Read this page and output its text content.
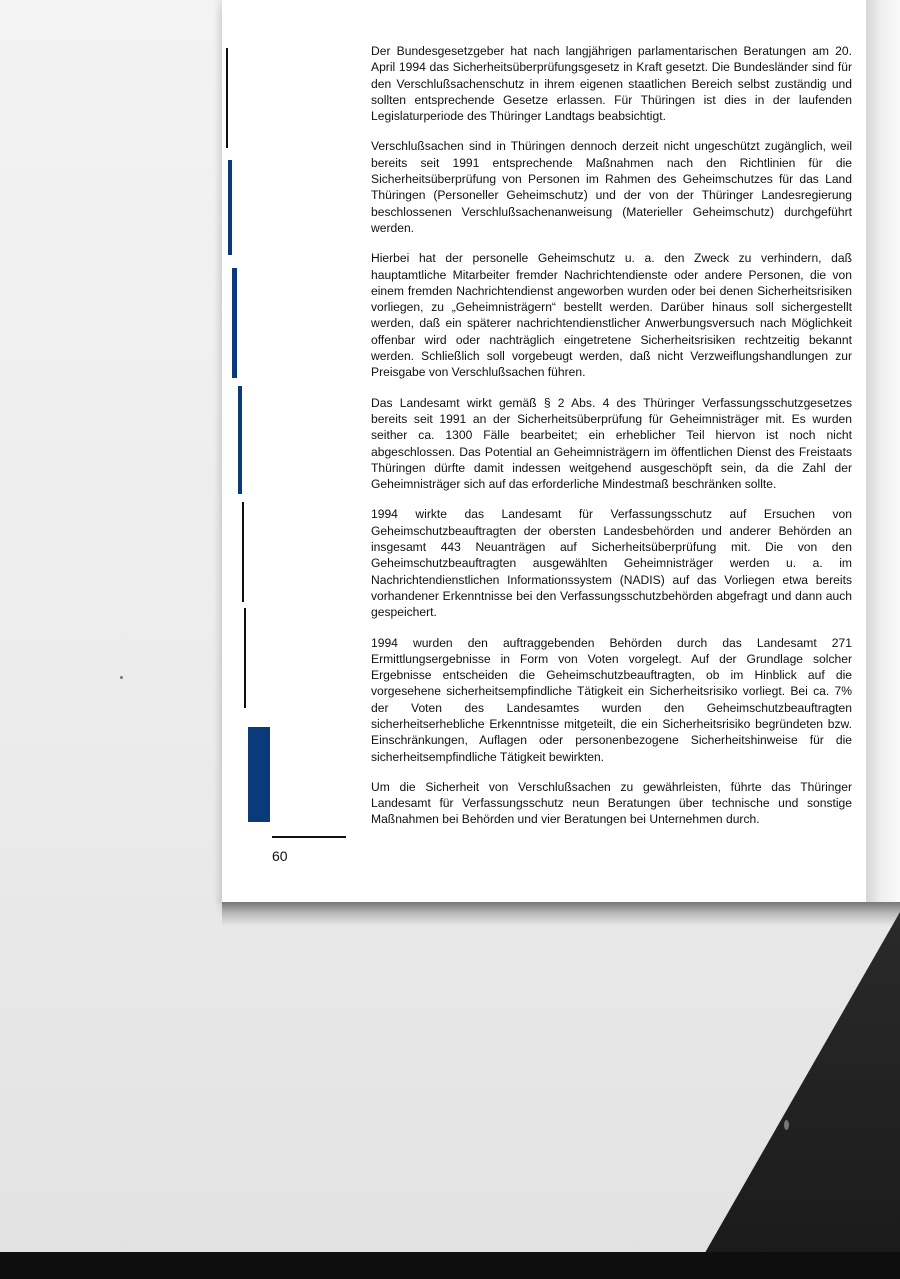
Der Bundesgesetzgeber hat nach langjährigen parlamentarischen Beratungen am 20. April 1994 das Sicherheitsüberprüfungsgesetz in Kraft gesetzt. Die Bundesländer sind für den Verschlußsachenschutz in ihrem eigenen staatlichen Bereich selbst zuständig und sollten entsprechende Gesetze erlassen. Für Thüringen ist dies in der laufenden Legislaturperiode des Thüringer Landtags beabsichtigt.

Verschlußsachen sind in Thüringen dennoch derzeit nicht ungeschützt zugänglich, weil bereits seit 1991 entsprechende Maßnahmen nach den Richtlinien für die Sicherheitsüberprüfung von Personen im Rahmen des Geheimschutzes für das Land Thüringen (Personeller Geheimschutz) und der von der Thüringer Landesregierung beschlossenen Verschlußsachenanweisung (Materieller Geheimschutz) durchgeführt werden.

Hierbei hat der personelle Geheimschutz u. a. den Zweck zu verhindern, daß hauptamtliche Mitarbeiter fremder Nachrichtendienste oder andere Personen, die von einem fremden Nachrichtendienst angeworben wurden oder bei denen Sicherheitsrisiken vorliegen, zu „Geheimnisträgern“ bestellt werden. Darüber hinaus soll sichergestellt werden, daß ein späterer nachrichtendienstlicher Anwerbungsversuch nach Möglichkeit offenbar wird oder nachträglich eingetretene Sicherheitsrisiken rechtzeitig bekannt werden. Schließlich soll vorgebeugt werden, daß nicht Verzweiflungshandlungen zur Preisgabe von Verschlußsachen führen.

Das Landesamt wirkt gemäß § 2 Abs. 4 des Thüringer Verfassungsschutzgesetzes bereits seit 1991 an der Sicherheitsüberprüfung für Geheimnisträger mit. Es wurden seither ca. 1300 Fälle bearbeitet; ein erheblicher Teil hiervon ist noch nicht abgeschlossen. Das Potential an Geheimnisträgern im öffentlichen Dienst des Freistaats Thüringen dürfte damit indessen weitgehend ausgeschöpft sein, da die Zahl der Geheimnisträger sich auf das erforderliche Mindestmaß beschränken sollte.

1994 wirkte das Landesamt für Verfassungsschutz auf Ersuchen von Geheimschutzbeauftragten der obersten Landesbehörden und anderer Behörden an insgesamt 443 Neuanträgen auf Sicherheitsüberprüfung mit. Die von den Geheimschutzbeauftragten ausgewählten Geheimnisträger werden u. a. im Nachrichtendienstlichen Informationssystem (NADIS) auf das Vorliegen etwa bereits vorhandener Erkenntnisse bei den Verfassungsschutzbehörden abgefragt und dann auch gespeichert.

1994 wurden den auftraggebenden Behörden durch das Landesamt 271 Ermittlungsergebnisse in Form von Voten vorgelegt. Auf der Grundlage solcher Ergebnisse entscheiden die Geheimschutzbeauftragten, ob im Hinblick auf die vorgesehene sicherheitsempfindliche Tätigkeit ein Sicherheitsrisiko vorliegt. Bei ca. 7% der Voten des Landesamtes wurden den Geheimschutzbeauftragten sicherheitserhebliche Erkenntnisse mitgeteilt, die ein Sicherheitsrisiko begründeten bzw. Einschränkungen, Auflagen oder personenbezogene Sicherheitshinweise für die sicherheitsempfindliche Tätigkeit bewirkten.

Um die Sicherheit von Verschlußsachen zu gewährleisten, führte das Thüringer Landesamt für Verfassungsschutz neun Beratungen über technische und sonstige Maßnahmen bei Behörden und vier Beratungen bei Unternehmen durch.

60
